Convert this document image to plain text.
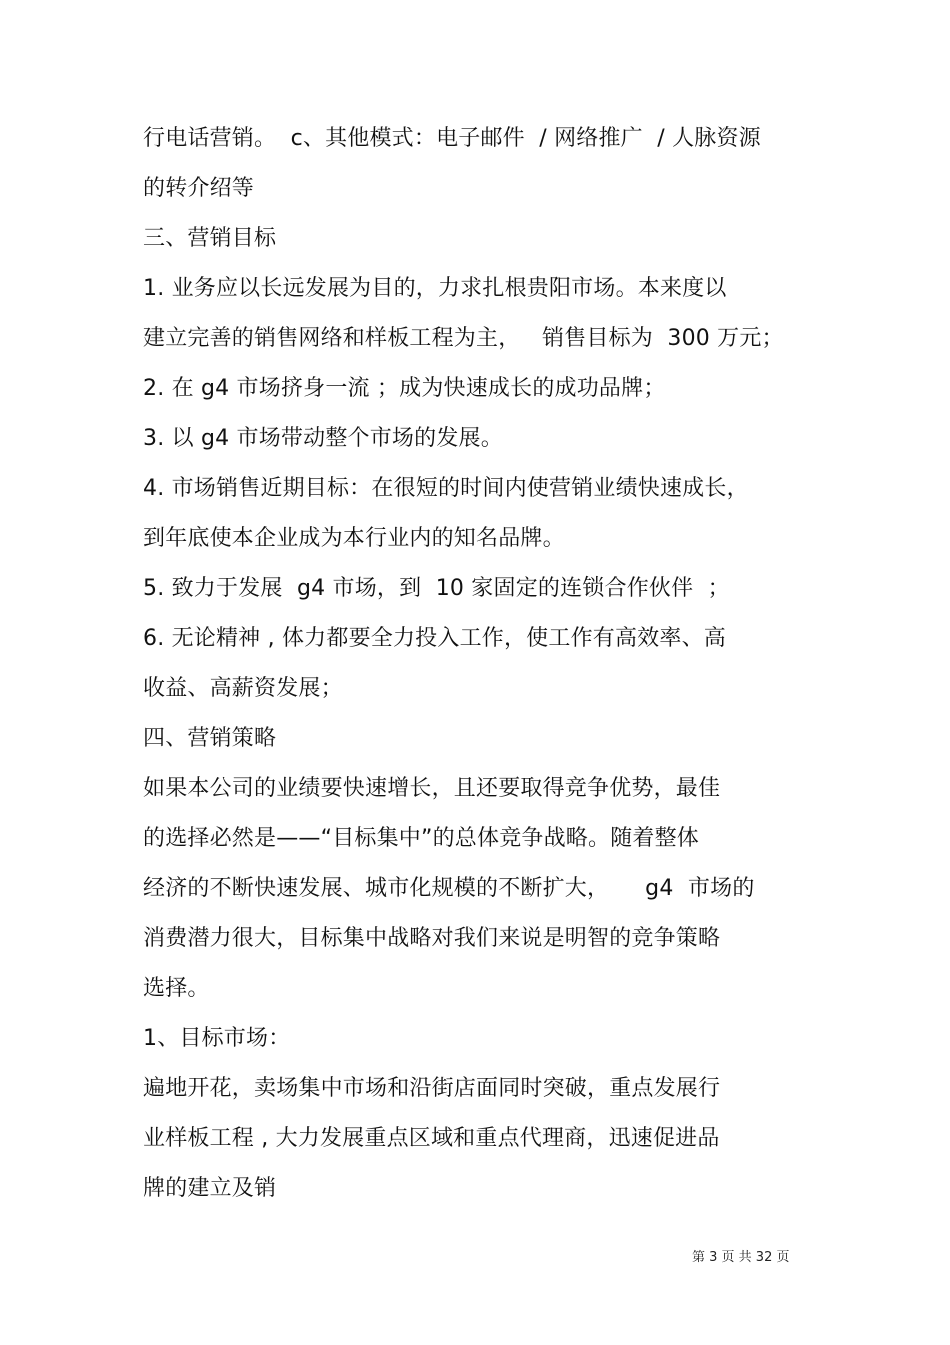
行电话营销。  c、其他模式：电子邮件  / 网络推广  / 人脉资源
的转介绍等
三、营销目标
1. 业务应以长远发展为目的，力求扎根贵阳市场。本来度以
建立完善的销售网络和样板工程为主，   销售目标为  300 万元；
2. 在 g4 市场挤身一流 ；成为快速成长的成功品牌；
3. 以 g4 市场带动整个市场的发展。
4. 市场销售近期目标：在很短的时间内使营销业绩快速成长，
到年底使本企业成为本行业内的知名品牌。
5. 致力于发展  g4 市场，到  10 家固定的连锁合作伙伴  ；
6. 无论精神 , 体力都要全力投入工作，使工作有高效率、高
收益、高薪资发展；
四、营销策略
如果本公司的业绩要快速增长，且还要取得竞争优势，最佳
的选择必然是——“目标集中”的总体竞争战略。随着整体
经济的不断快速发展、城市化规模的不断扩大，     g4  市场的
消费潜力很大，目标集中战略对我们来说是明智的竞争策略
选择。
1、目标市场：
遍地开花，卖场集中市场和沿街店面同时突破，重点发展行
业样板工程 , 大力发展重点区域和重点代理商，迅速促进品
牌的建立及销
第 3 页 共 32 页
